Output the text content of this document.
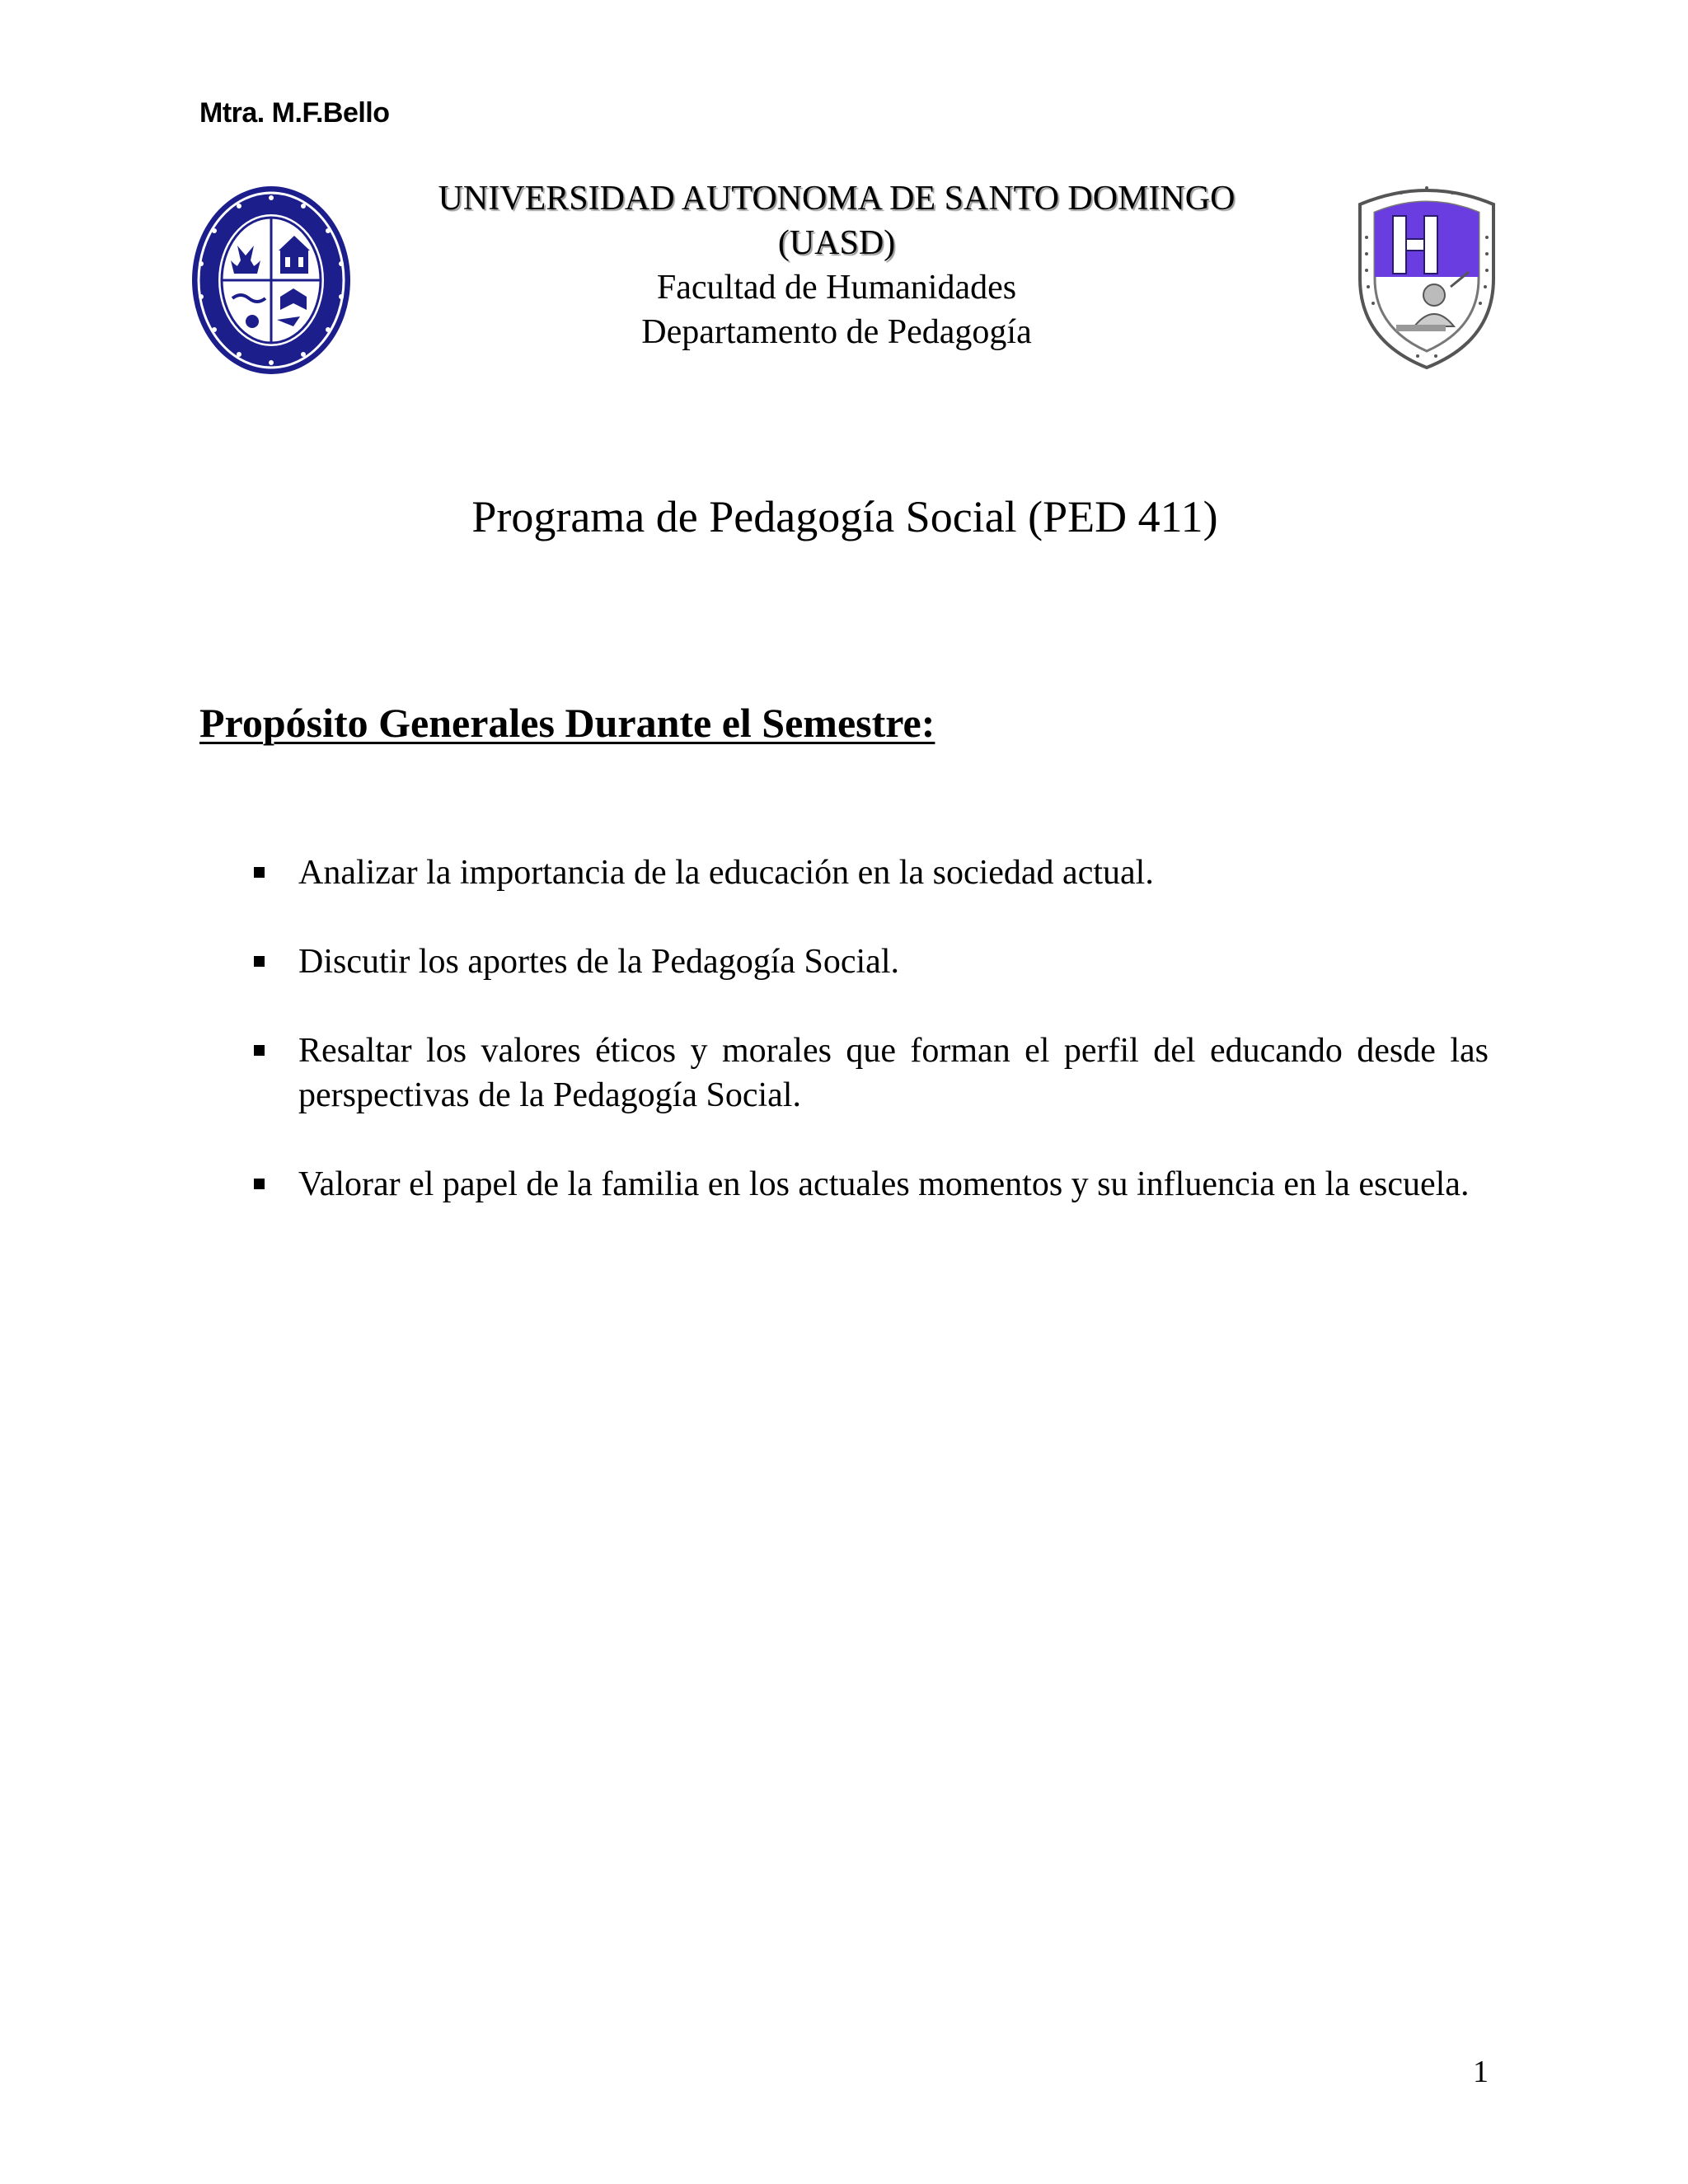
Mtra. M.F.Bello
UNIVERSIDAD AUTONOMA DE SANTO DOMINGO
(UASD)
Facultad de Humanidades
Departamento de Pedagogía
Programa de Pedagogía Social (PED 411)
Propósito Generales Durante el Semestre:
Analizar la importancia de la educación en la sociedad actual.
Discutir los aportes de la Pedagogía Social.
Resaltar los valores éticos y morales que forman el perfil del educando desde las perspectivas de la Pedagogía Social.
Valorar el papel de la familia en los actuales momentos y su influencia en la escuela.
1
